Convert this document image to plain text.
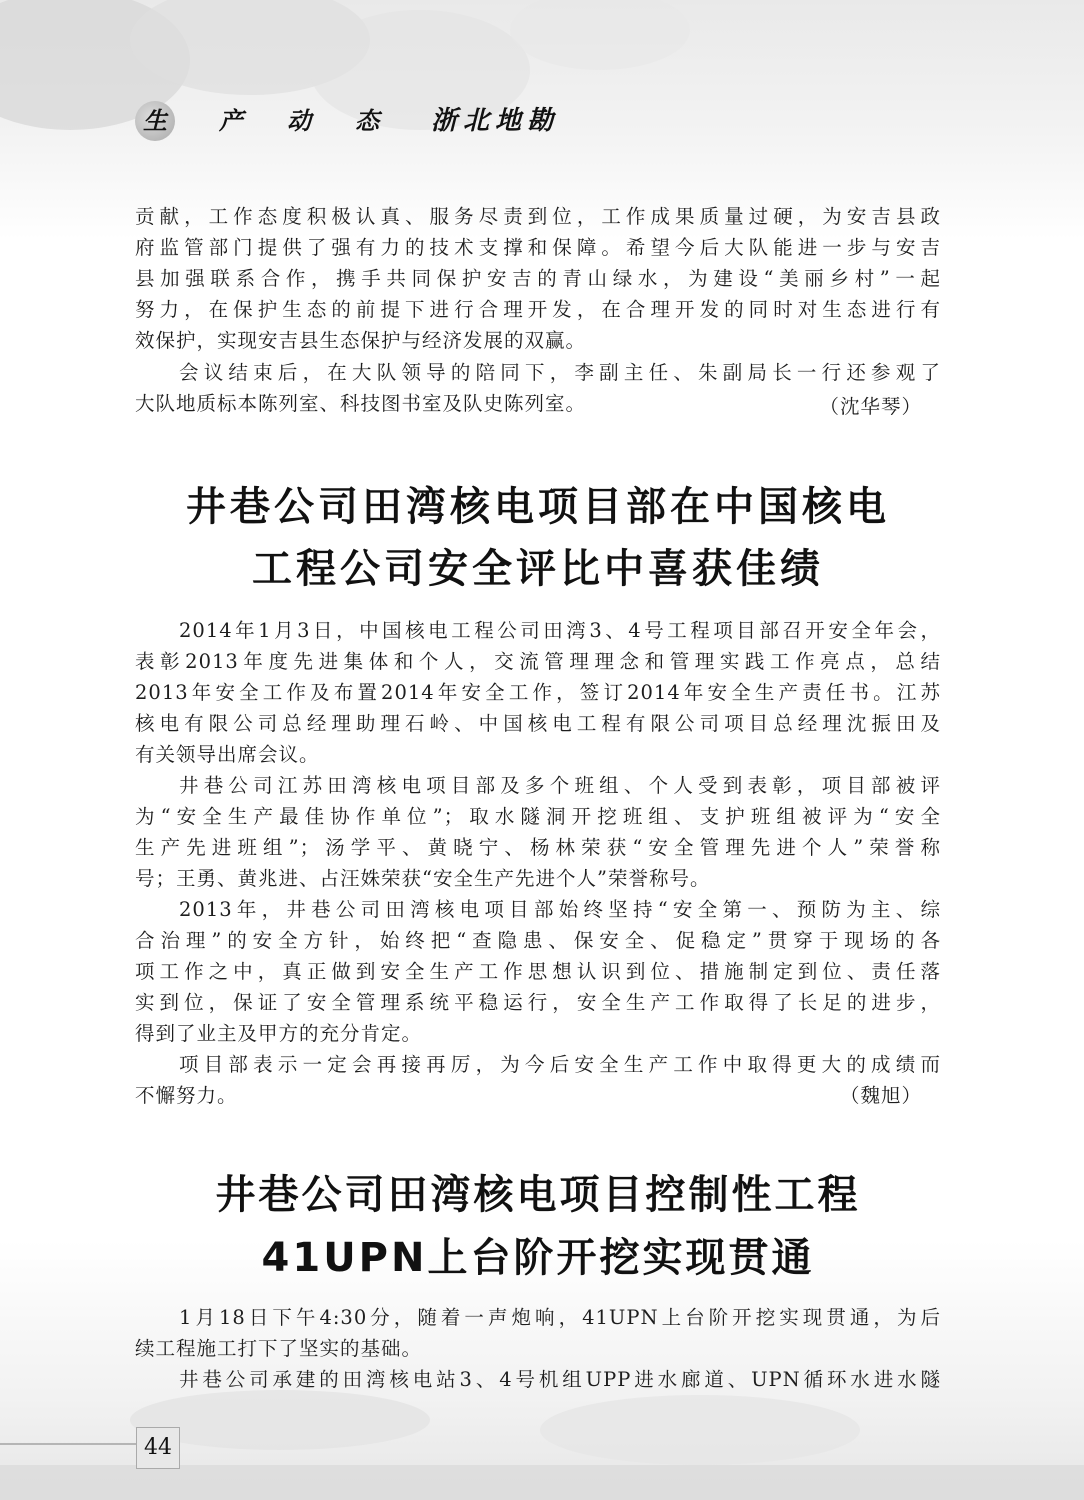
生	产 动 态 浙北地勘
贡献，工作态度积极认真、服务尽责到位，工作成果质量过硬，为安吉县政
府监管部门提供了强有力的技术支撑和保障。希望今后大队能进一步与安吉
县加强联系合作，携手共同保护安吉的青山绿水，为建设“美丽乡村”一起
努力，在保护生态的前提下进行合理开发，在合理开发的同时对生态进行有
效保护，实现安吉县生态保护与经济发展的双赢。
会议结束后，在大队领导的陪同下，李副主任、朱副局长一行还参观了
大队地质标本陈列室、科技图书室及队史陈列室。	（沈华琴）
井巷公司田湾核电项目部在中国核电
工程公司安全评比中喜获佳绩
2014年1月3日，中国核电工程公司田湾3、4号工程项目部召开安全年会，
表彰2013年度先进集体和个人，交流管理理念和管理实践工作亮点，总结
2013年安全工作及布置2014年安全工作，签订2014年安全生产责任书。江苏
核电有限公司总经理助理石岭、中国核电工程有限公司项目总经理沈振田及
有关领导出席会议。
井巷公司江苏田湾核电项目部及多个班组、个人受到表彰，项目部被评
为“安全生产最佳协作单位”；取水隧洞开挖班组、支护班组被评为“安全
生产先进班组”；汤学平、黄晓宁、杨林荣获“安全管理先进个人”荣誉称
号；王勇、黄兆进、占汪姝荣获“安全生产先进个人”荣誉称号。
2013年，井巷公司田湾核电项目部始终坚持“安全第一、预防为主、综
合治理”的安全方针，始终把“查隐患、保安全、促稳定”贯穿于现场的各
项工作之中，真正做到安全生产工作思想认识到位、措施制定到位、责任落
实到位，保证了安全管理系统平稳运行，安全生产工作取得了长足的进步，
得到了业主及甲方的充分肯定。
项目部表示一定会再接再厉，为今后安全生产工作中取得更大的成绩而
不懈努力。	（魏旭）
井巷公司田湾核电项目控制性工程
41UPN上台阶开挖实现贯通
1月18日下午4:30分，随着一声炮响，41UPN上台阶开挖实现贯通，为后
续工程施工打下了坚实的基础。
井巷公司承建的田湾核电站3、4号机组UPP进水廊道、UPN循环水进水隧
44
